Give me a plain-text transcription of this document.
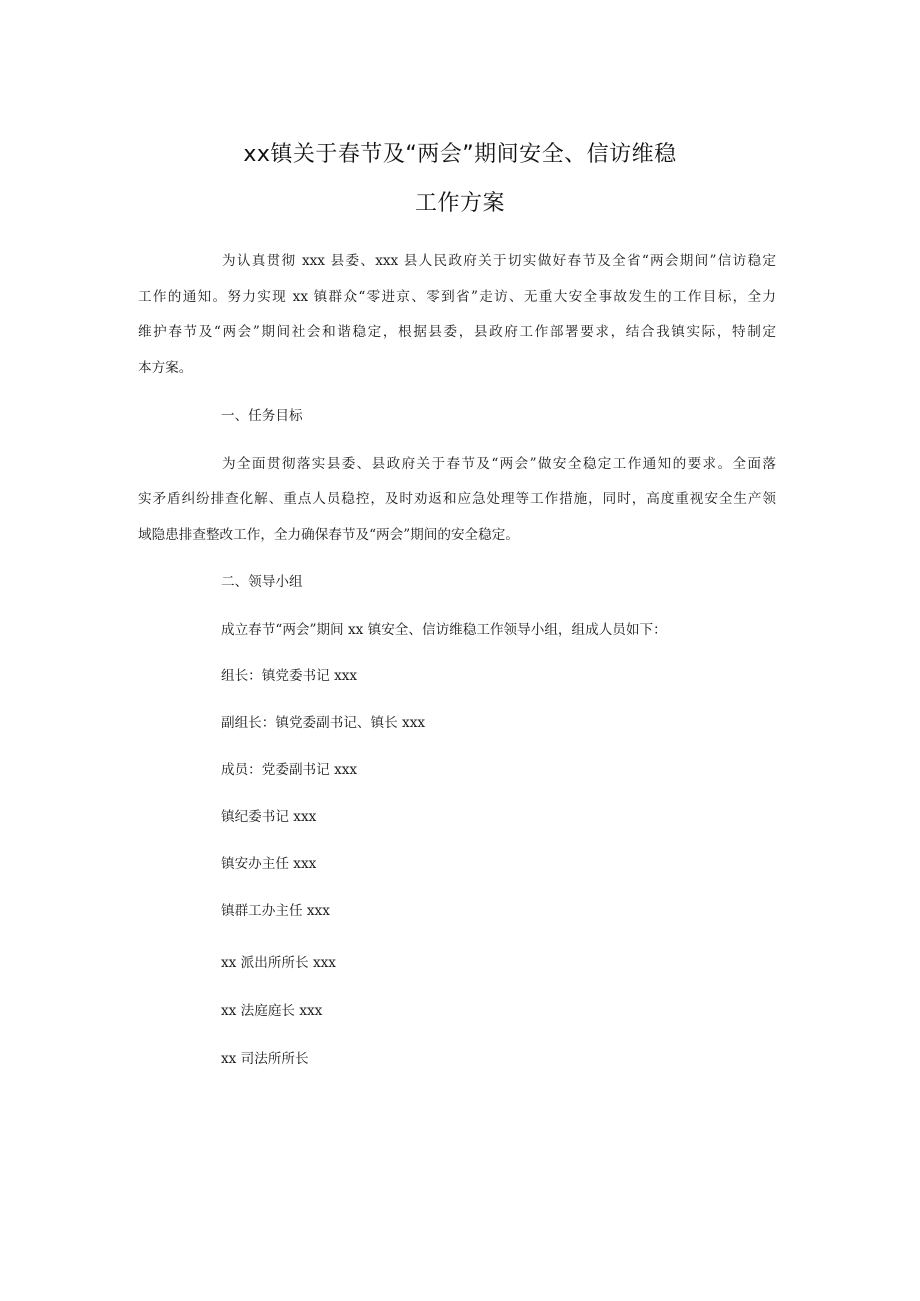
xx镇关于春节及“两会”期间安全、信访维稳
工作方案
为认真贯彻 xxx 县委、xxx 县人民政府关于切实做好春节及全省“两会期间”信访稳定
工作的通知。努力实现 xx 镇群众“零进京、零到省”走访、无重大安全事故发生的工作目标，全力
维护春节及“两会”期间社会和谐稳定，根据县委，县政府工作部署要求，结合我镇实际，特制定
本方案。
一、任务目标
为全面贯彻落实县委、县政府关于春节及“两会”做安全稳定工作通知的要求。全面落
实矛盾纠纷排查化解、重点人员稳控，及时劝返和应急处理等工作措施，同时，高度重视安全生产领
域隐患排查整改工作，全力确保春节及“两会”期间的安全稳定。
二、领导小组
成立春节“两会”期间 xx 镇安全、信访维稳工作领导小组，组成人员如下：
组长：镇党委书记 xxx
副组长：镇党委副书记、镇长 xxx
成员：党委副书记 xxx
镇纪委书记 xxx
镇安办主任 xxx
镇群工办主任 xxx
xx 派出所所长 xxx
xx 法庭庭长 xxx
xx 司法所所长
